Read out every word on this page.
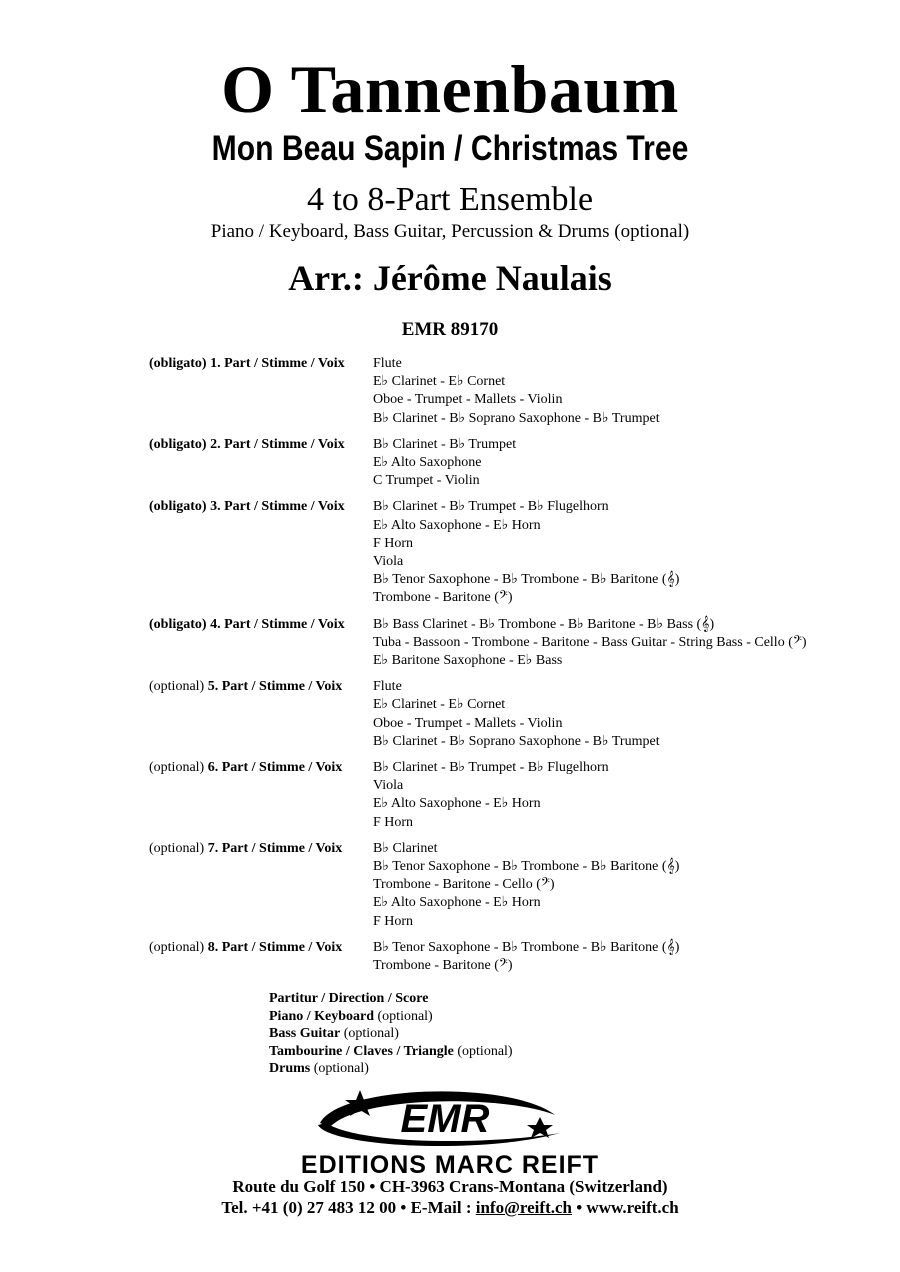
O Tannenbaum
Mon Beau Sapin / Christmas Tree
4 to 8-Part Ensemble
Piano / Keyboard, Bass Guitar, Percussion & Drums (optional)
Arr.: Jérôme Naulais
EMR 89170
(obligato) 1. Part / Stimme / Voix	Flute
E♭ Clarinet - E♭ Cornet
Oboe - Trumpet - Mallets - Violin
B♭ Clarinet - B♭ Soprano Saxophone - B♭ Trumpet
(obligato) 2. Part / Stimme / Voix	B♭ Clarinet - B♭ Trumpet
E♭ Alto Saxophone
C Trumpet - Violin
(obligato) 3. Part / Stimme / Voix	B♭ Clarinet - B♭ Trumpet - B♭ Flugelhorn
E♭ Alto Saxophone - E♭ Horn
F Horn
Viola
B♭ Tenor Saxophone - B♭ Trombone - B♭ Baritone (𝄞)
Trombone - Baritone (𝄢)
(obligato) 4. Part / Stimme / Voix	B♭ Bass Clarinet - B♭ Trombone - B♭ Baritone - B♭ Bass (𝄞)
Tuba - Bassoon - Trombone - Baritone - Bass Guitar - String Bass - Cello (𝄢)
E♭ Baritone Saxophone - E♭ Bass
(optional) 5. Part / Stimme / Voix	Flute
E♭ Clarinet - E♭ Cornet
Oboe - Trumpet - Mallets - Violin
B♭ Clarinet - B♭ Soprano Saxophone - B♭ Trumpet
(optional) 6. Part / Stimme / Voix	B♭ Clarinet - B♭ Trumpet - B♭ Flugelhorn
Viola
E♭ Alto Saxophone - E♭ Horn
F Horn
(optional) 7. Part / Stimme / Voix	B♭ Clarinet
B♭ Tenor Saxophone - B♭ Trombone - B♭ Baritone (𝄞)
Trombone - Baritone - Cello (𝄢)
E♭ Alto Saxophone - E♭ Horn
F Horn
(optional) 8. Part / Stimme / Voix	B♭ Tenor Saxophone - B♭ Trombone - B♭ Baritone (𝄞)
Trombone - Baritone (𝄢)
Partitur / Direction / Score
Piano / Keyboard (optional)
Bass Guitar (optional)
Tambourine / Claves / Triangle (optional)
Drums (optional)
EMR
EDITIONS MARC REIFT
Route du Golf 150 • CH-3963 Crans-Montana (Switzerland)
Tel. +41 (0) 27 483 12 00 • E-Mail : info@reift.ch • www.reift.ch
